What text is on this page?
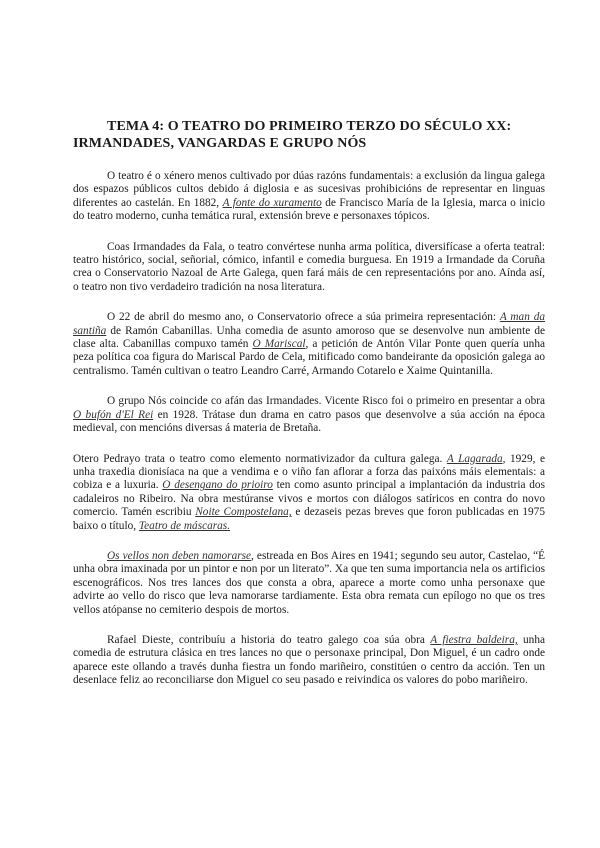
TEMA 4: O TEATRO DO PRIMEIRO TERZO DO SÉCULO XX: IRMANDADES, VANGARDAS E GRUPO NÓS

O teatro é o xénero menos cultivado por dúas razóns fundamentais: a exclusión da lingua galega dos espazos públicos cultos debido á diglosia e as sucesivas prohibicións de representar en linguas diferentes ao castelán. En 1882, A fonte do xuramento de Francisco María de la Iglesia, marca o inicio do teatro moderno, cunha temática rural, extensión breve e personaxes tópicos.

Coas Irmandades da Fala, o teatro convértese nunha arma política, diversifícase a oferta teatral: teatro histórico, social, señorial, cómico, infantil e comedia burguesa. En 1919 a Irmandade da Coruña crea o Conservatorio Nazoal de Arte Galega, quen fará máis de cen representacións por ano. Aínda así, o teatro non tivo verdadeiro tradición na nosa literatura.

O 22 de abril do mesmo ano, o Conservatorio ofrece a súa primeira representación: A man da santiña de Ramón Cabanillas. Unha comedia de asunto amoroso que se desenvolve nun ambiente de clase alta. Cabanillas compuxo tamén O Mariscal, a petición de Antón Vilar Ponte quen quería unha peza política coa figura do Mariscal Pardo de Cela, mitificado como bandeirante da oposición galega ao centralismo. Tamén cultivan o teatro Leandro Carré, Armando Cotarelo e Xaime Quintanilla.

O grupo Nós coincide co afán das Irmandades. Vicente Risco foi o primeiro en presentar a obra O bufón d'El Rei en 1928. Trátase dun drama en catro pasos que desenvolve a súa acción na época medieval, con mencións diversas á materia de Bretaña.

Otero Pedrayo trata o teatro como elemento normativizador da cultura galega. A Lagarada, 1929, e unha traxedia dionisíaca na que a vendima e o viño fan aflorar a forza das paixóns máis elementais: a cobiza e a luxuria. O desengano do prioiro ten como asunto principal a implantación da industria dos cadaleiros no Ribeiro. Na obra mestúranse vivos e mortos con diálogos satíricos en contra do novo comercio. Tamén escribiu Noite Compostelana, e dezaseis pezas breves que foron publicadas en 1975 baixo o título, Teatro de máscaras.

Os vellos non deben namorarse, estreada en Bos Aires en 1941; segundo seu autor, Castelao, “É unha obra imaxinada por un pintor e non por un literato”. Xa que ten suma importancia nela os artificios escenográficos. Nos tres lances dos que consta a obra, aparece a morte como unha personaxe que advirte ao vello do risco que leva namorarse tardiamente. Esta obra remata cun epílogo no que os tres vellos atópanse no cemiterio despois de mortos.

Rafael Dieste, contribuíu a historia do teatro galego coa súa obra A fiestra baldeira, unha comedia de estrutura clásica en tres lances no que o personaxe principal, Don Miguel, é un cadro onde aparece este ollando a través dunha fiestra un fondo mariñeiro, constitúen o centro da acción. Ten un desenlace feliz ao reconciliarse don Miguel co seu pasado e reivindica os valores do pobo mariñeiro.
